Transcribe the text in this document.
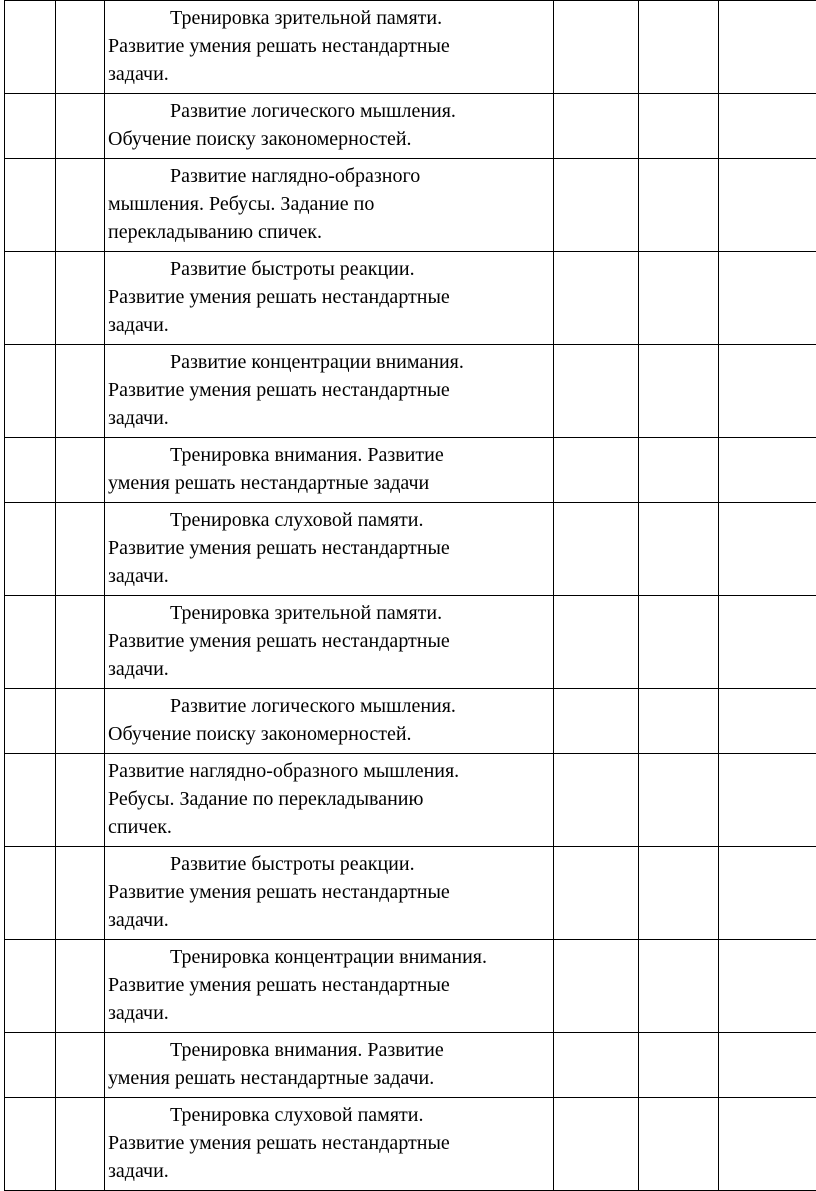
		Тренировка зрительной памяти.
Развитие умения решать нестандартные
задачи.			

		Развитие логического мышления.
Обучение поиску закономерностей.			

		Развитие наглядно-образного
мышления. Ребусы. Задание по
перекладыванию спичек.			

		Развитие быстроты реакции.
Развитие умения решать нестандартные
задачи.			

		Развитие концентрации внимания.
Развитие умения решать нестандартные
задачи.			

		Тренировка внимания. Развитие
умения решать нестандартные задачи			

		Тренировка слуховой памяти.
Развитие умения решать нестандартные
задачи.			

		Тренировка зрительной памяти.
Развитие умения решать нестандартные
задачи.			

		Развитие логического мышления.
Обучение поиску закономерностей.			

		Развитие наглядно-образного мышления.
Ребусы. Задание по перекладыванию
спичек.			

		Развитие быстроты реакции.
Развитие умения решать нестандартные
задачи.			

		Тренировка концентрации внимания.
Развитие умения решать нестандартные
задачи.			

		Тренировка внимания. Развитие
умения решать нестандартные задачи.			

		Тренировка слуховой памяти.
Развитие умения решать нестандартные
задачи.			
